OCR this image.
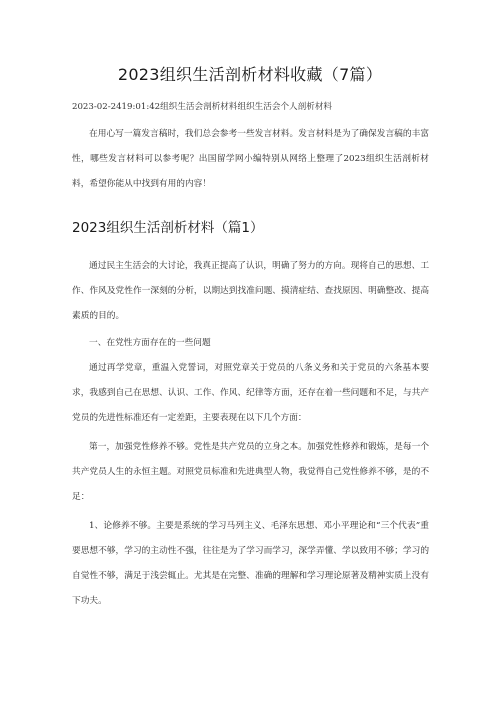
2023组织生活剖析材料收藏（7篇）
2023-02-2419:01:42组织生活会剖析材料组织生活会个人剖析材料

在用心写一篇发言稿时，我们总会参考一些发言材料。发言材料是为了确保发言稿的丰富性，哪些发言材料可以参考呢？出国留学网小编特别从网络上整理了2023组织生活剖析材料，希望你能从中找到有用的内容！

2023组织生活剖析材料（篇1）

通过民主生活会的大讨论，我真正提高了认识，明确了努力的方向。现将自己的思想、工作、作风及党性作一深刻的分析，以期达到找准问题、摸清症结、查找原因、明确整改、提高素质的目的。

一、在党性方面存在的一些问题

通过再学党章，重温入党誓词，对照党章关于党员的八条义务和关于党员的六条基本要求，我感到自己在思想、认识、工作、作风、纪律等方面，还存在着一些问题和不足，与共产党员的先进性标准还有一定差距，主要表现在以下几个方面：

第一，加强党性修养不够。党性是共产党员的立身之本。加强党性修养和锻炼，是每一个共产党员人生的永恒主题。对照党员标准和先进典型人物，我觉得自己党性修养不够，是的不足：

1、论修养不够。主要是系统的学习马列主义、毛泽东思想、邓小平理论和“三个代表”重要思想不够，学习的主动性不强，往往是为了学习而学习，深学弄懂、学以致用不够；学习的自觉性不够，满足于浅尝辄止。尤其是在完整、准确的理解和学习理论原著及精神实质上没有下功夫。
